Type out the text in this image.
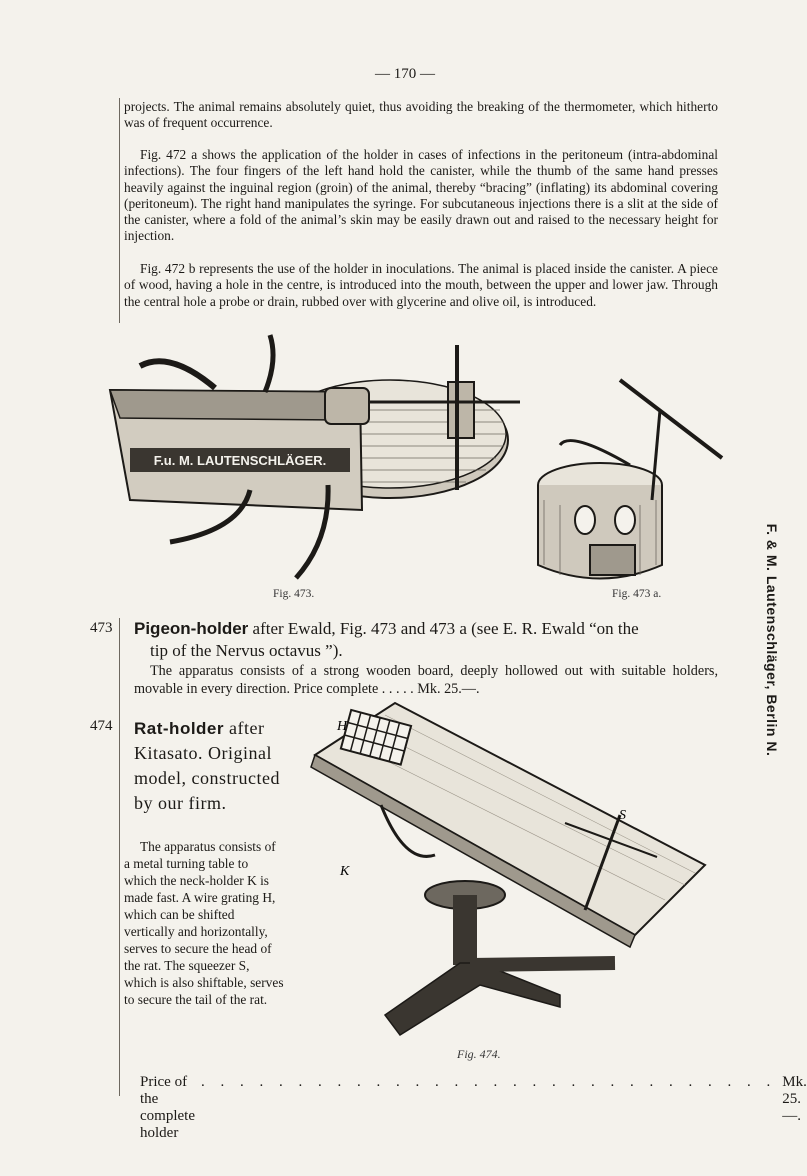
— 170 —
projects. The animal remains absolutely quiet, thus avoiding the breaking of the thermometer, which hitherto was of frequent occurrence.
Fig. 472 a shows the application of the holder in cases of infections in the peritoneum (intra-abdominal infections). The four fingers of the left hand hold the canister, while the thumb of the same hand presses heavily against the inguinal region (groin) of the animal, thereby “bracing” (inflating) its abdominal covering (peritoneum). The right hand manipulates the syringe. For subcutaneous injections there is a slit at the side of the canister, where a fold of the animal’s skin may be easily drawn out and raised to the necessary height for injection.
Fig. 472 b represents the use of the holder in inoculations. The animal is placed inside the canister. A piece of wood, having a hole in the centre, is introduced into the mouth, between the upper and lower jaw. Through the central hole a probe or drain, rubbed over with glycerine and olive oil, is introduced.
F.u. M. LAUTENSCHLÄGER.
Fig. 473.	Fig. 473 a.
473 Pigeon-holder after Ewald, Fig. 473 and 473 a (see E. R. Ewald “on the
tip of the Nervus octavus ”).
The apparatus consists of a strong wooden board, deeply hollowed out with suitable holders, movable in every direction. Price complete . . . . . Mk. 25.—.
474 Rat-holder after Kitasato. Original model, constructed by our firm.
The apparatus consists of a metal turning table to which the neck-holder K is made fast. A wire grating H, which can be shifted vertically and horizontally, serves to secure the head of the rat. The squeezer S, which is also shiftable, serves to secure the tail of the rat.
H
K
S
Fig. 474.
Price of the complete holder
. . . . . . . . . . . . . . . . . . . . . . . . . . . . . . Mk. 25.—.
F. & M. Lautenschläger, Berlin N.
